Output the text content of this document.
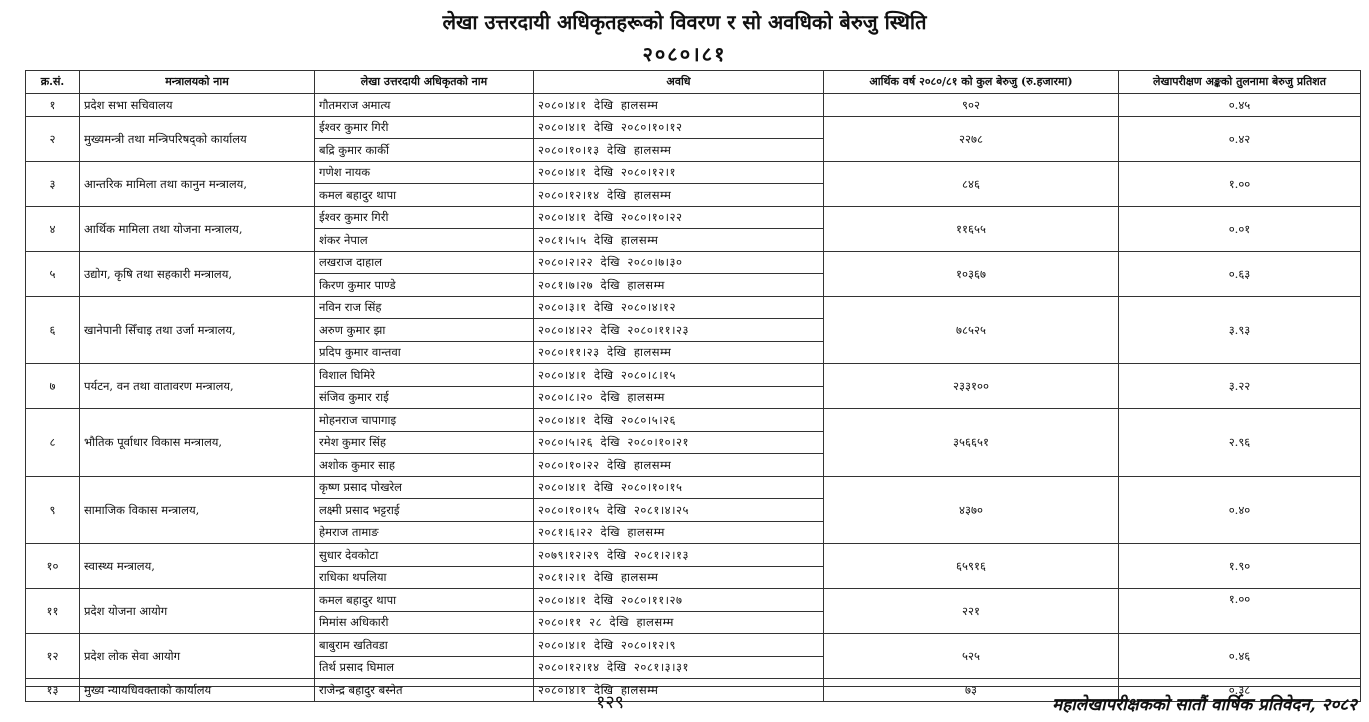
लेखा उत्तरदायी अधिकृतहरूको विवरण र सो अवधिको बेरुजु स्थिति
२०८०।८१
क्र.सं.	मन्त्रालयको नाम	लेखा उत्तरदायी अधिकृतको नाम	अवधि	आर्थिक वर्ष २०८०/८१ को कुल बेरुजु (रु.हजारमा)	लेखापरीक्षण अङ्कको तुलनामा बेरुजु प्रतिशत
१	प्रदेश सभा सचिवालय	गौतमराज अमात्य	२०८०।४।१ देखि हालसम्म	९०२	०.४५
२	मुख्यमन्त्री तथा मन्त्रिपरिषद्को कार्यालय	ईश्वर कुमार गिरी	२०८०।४।१ देखि २०८०।१०।१२	२२७८	०.४२
		बद्रि कुमार कार्की	२०८०।१०।१३ देखि हालसम्म		
३	आन्तरिक मामिला तथा कानुन मन्त्रालय,	गणेश नायक	२०८०।४।१ देखि २०८०।१२।१	८४६	१.००
		कमल बहादुर थापा	२०८०।१२।१४ देखि हालसम्म		
४	आर्थिक मामिला तथा योजना मन्त्रालय,	ईश्वर कुमार गिरी	२०८०।४।१ देखि २०८०।१०।२२	११६५५	०.०१
		शंकर नेपाल	२०८१।५।५ देखि हालसम्म		
५	उद्योग, कृषि तथा सहकारी मन्त्रालय,	लखराज दाहाल	२०८०।२।२२ देखि २०८०।७।३०	१०३६७	०.६३
		किरण कुमार पाण्डे	२०८१।७।२७ देखि हालसम्म		
६	खानेपानी सिँचाइ तथा उर्जा मन्त्रालय,	नविन राज सिंह	२०८०।३।१ देखि २०८०।४।१२	७८५२५	३.९३
		अरुण कुमार झा	२०८०।४।२२ देखि २०८०।११।२३		
		प्रदिप कुमार वान्तवा	२०८०।११।२३ देखि हालसम्म		
७	पर्यटन, वन तथा वातावरण मन्त्रालय,	विशाल घिमिरे	२०८०।४।१ देखि २०८०।८।१५	२३३१००	३.२२
		संजिव कुमार राई	२०८०।८।२० देखि हालसम्म		
८	भौतिक पूर्वाधार विकास मन्त्रालय,	मोहनराज चापागाइ	२०८०।४।१ देखि २०८०।५।२६	३५६६५१	२.९६
		रमेश कुमार सिंह	२०८०।५।२६ देखि २०८०।१०।२१		
		अशोक कुमार साह	२०८०।१०।२२ देखि हालसम्म		
९	सामाजिक विकास मन्त्रालय,	कृष्ण प्रसाद पोखरेल	२०८०।४।१ देखि २०८०।१०।१५	४३७०	०.४०
		लक्ष्मी प्रसाद भट्टराई	२०८०।१०।१५ देखि २०८१।४।२५		
		हेमराज तामाङ	२०८१।६।२२ देखि हालसम्म		
१०	स्वास्थ्य मन्त्रालय,	सुधार देवकोटा	२०७९।१२।२९ देखि २०८१।२।१३	६५९१६	१.९०
		राधिका थपलिया	२०८१।२।१ देखि हालसम्म		
११	प्रदेश योजना आयोग	कमल बहादुर थापा	२०८०।४।१ देखि २०८०।११।२७	२२१	१.००
		मिमांस अधिकारी	२०८०।११ २८ देखि हालसम्म		
१२	प्रदेश लोक सेवा आयोग	बाबुराम खतिवडा	२०८०।४।१ देखि २०८०।१२।९	५२५	०.४६
		तिर्थ प्रसाद घिमाल	२०८०।१२।१४ देखि २०८१।३।३१		
१३	मुख्य न्यायधिवक्ताको कार्यालय	राजेन्द्र बहादुर बस्नेत	२०८०।४।१ देखि हालसम्म	७३	०.३८
१२९	महालेखापरीक्षकको सातौं वार्षिक प्रतिवेदन, २०८२
